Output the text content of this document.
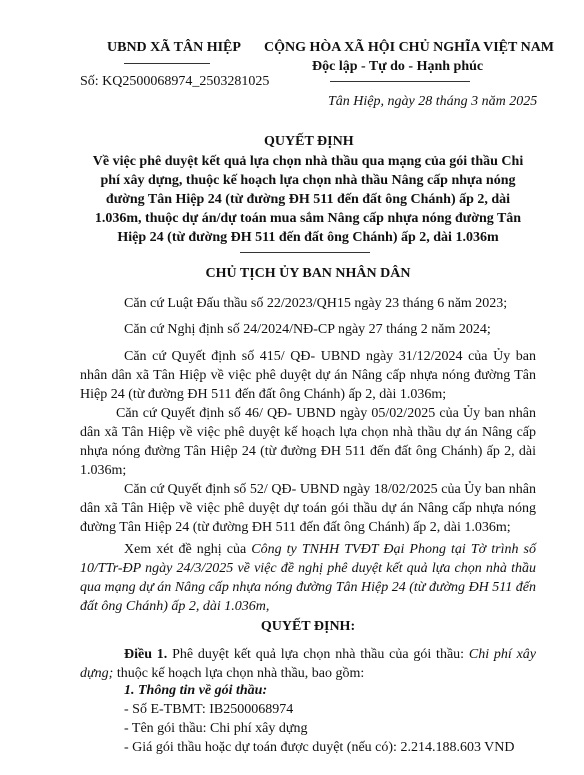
UBND XÃ TÂN HIỆP
Số: KQ2500068974_2503281025
CỘNG HÒA XÃ HỘI CHỦ NGHĨA VIỆT NAM
Độc lập - Tự do - Hạnh phúc
Tân Hiệp, ngày 28 tháng 3 năm 2025
QUYẾT ĐỊNH
Về việc phê duyệt kết quả lựa chọn nhà thầu qua mạng của gói thầu Chi
phí xây dựng, thuộc kế hoạch lựa chọn nhà thầu Nâng cấp nhựa nóng
đường Tân Hiệp 24 (từ đường ĐH 511 đến đất ông Chánh) ấp 2, dài
1.036m, thuộc dự án/dự toán mua sắm Nâng cấp nhựa nóng đường Tân
Hiệp 24 (từ đường ĐH 511 đến đất ông Chánh) ấp 2, dài 1.036m
CHỦ TỊCH ỦY BAN NHÂN DÂN
Căn cứ Luật Đấu thầu số 22/2023/QH15 ngày 23 tháng 6 năm 2023;
Căn cứ Nghị định số 24/2024/NĐ-CP ngày 27 tháng 2 năm 2024;
Căn cứ Quyết định số 415/ QĐ- UBND ngày 31/12/2024 của Ủy ban nhân dân xã Tân Hiệp về việc phê duyệt dự án Nâng cấp nhựa nóng đường Tân Hiệp 24 (từ đường ĐH 511 đến đất ông Chánh) ấp 2, dài 1.036m;
Căn cứ Quyết định số 46/ QĐ- UBND ngày 05/02/2025 của Ủy ban nhân dân xã Tân Hiệp về việc phê duyệt kế hoạch lựa chọn nhà thầu dự án Nâng cấp nhựa nóng đường Tân Hiệp 24 (từ đường ĐH 511 đến đất ông Chánh) ấp 2, dài 1.036m;
Căn cứ Quyết định số 52/ QĐ- UBND ngày 18/02/2025 của Ủy ban nhân dân xã Tân Hiệp về việc phê duyệt dự toán gói thầu dự án Nâng cấp nhựa nóng đường Tân Hiệp 24 (từ đường ĐH 511 đến đất ông Chánh) ấp 2, dài 1.036m;
Xem xét đề nghị của Công ty TNHH TVĐT Đại Phong tại Tờ trình số 10/TTr-ĐP ngày 24/3/2025 về việc đề nghị phê duyệt kết quả lựa chọn nhà thầu qua mạng dự án Nâng cấp nhựa nóng đường Tân Hiệp 24 (từ đường ĐH 511 đến đất ông Chánh) ấp 2, dài 1.036m,
QUYẾT ĐỊNH:
Điều 1. Phê duyệt kết quả lựa chọn nhà thầu của gói thầu: Chi phí xây dựng; thuộc kế hoạch lựa chọn nhà thầu, bao gồm:
1. Thông tin về gói thầu:
- Số E-TBMT: IB2500068974
- Tên gói thầu: Chi phí xây dựng
- Giá gói thầu hoặc dự toán được duyệt (nếu có): 2.214.188.603 VND
